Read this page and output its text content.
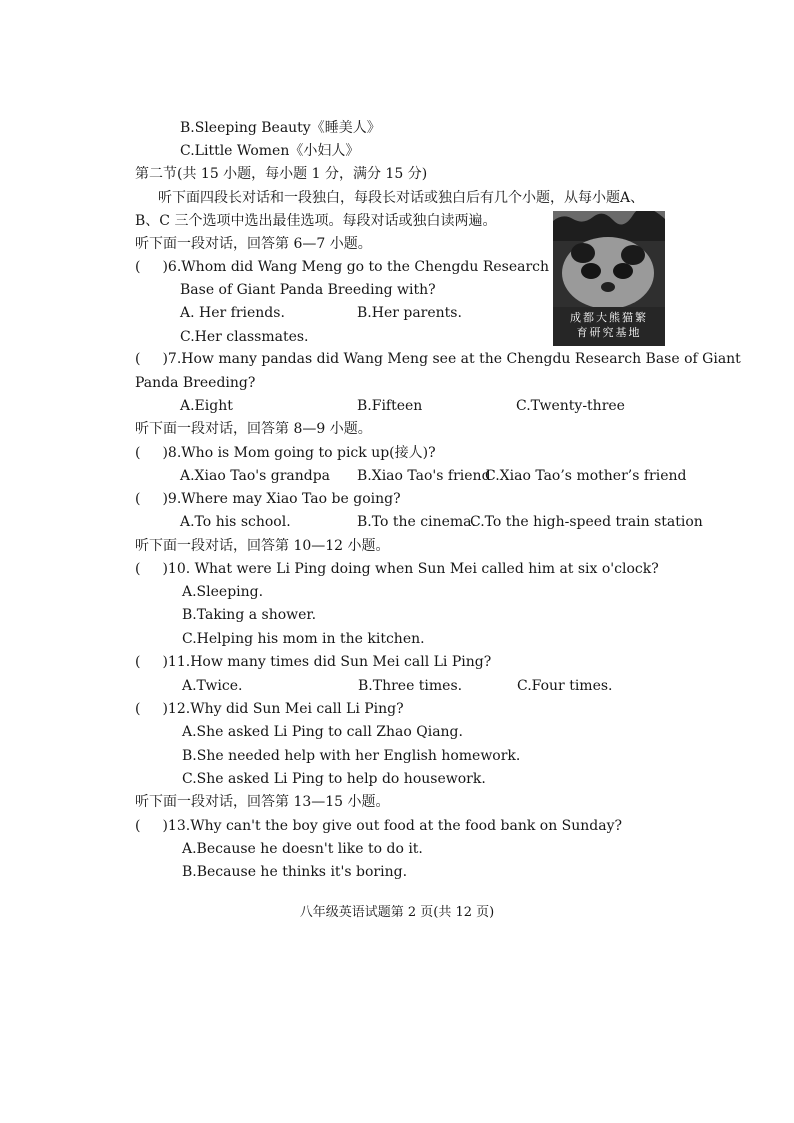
B.Sleeping Beauty《睡美人》
C.Little Women《小妇人》
第二节(共 15 小题，每小题 1 分，满分 15 分)
听下面四段长对话和一段独白，每段长对话或独白后有几个小题，从每小题A、
B、C 三个选项中选出最佳选项。每段对话或独白读两遍。
听下面一段对话，回答第 6—7 小题。
成都大熊猫繁
育研究基地
( )6.Whom did Wang Meng go to the Chengdu Research
Base of Giant Panda Breeding with?
A. Her friends.	B.Her parents.
C.Her classmates.
( )7.How many pandas did Wang Meng see at the Chengdu Research Base of Giant
Panda Breeding?
A.Eight	B.Fifteen	C.Twenty-three
听下面一段对话，回答第 8—9 小题。
( )8.Who is Mom going to pick up(接人)?
A.Xiao Tao's grandpa B.Xiao Tao's friend
C.Xiao Tao’s mother’s friend
( )9.Where may Xiao Tao be going?
A.To his school.	B.To the cinema.
C.To the high-speed train station
听下面一段对话，回答第 10—12 小题。
( )10. What were Li Ping doing when Sun Mei called him at six o'clock?
A.Sleeping.
B.Taking a shower.
C.Helping his mom in the kitchen.
( )11.How many times did Sun Mei call Li Ping?
A.Twice.	B.Three times.	C.Four times.
( )12.Why did Sun Mei call Li Ping?
A.She asked Li Ping to call Zhao Qiang.
B.She needed help with her English homework.
C.She asked Li Ping to help do housework.
听下面一段对话，回答第 13—15 小题。
( )13.Why can't the boy give out food at the food bank on Sunday?
A.Because he doesn't like to do it.
B.Because he thinks it's boring.
八年级英语试题第 2 页(共 12 页)
